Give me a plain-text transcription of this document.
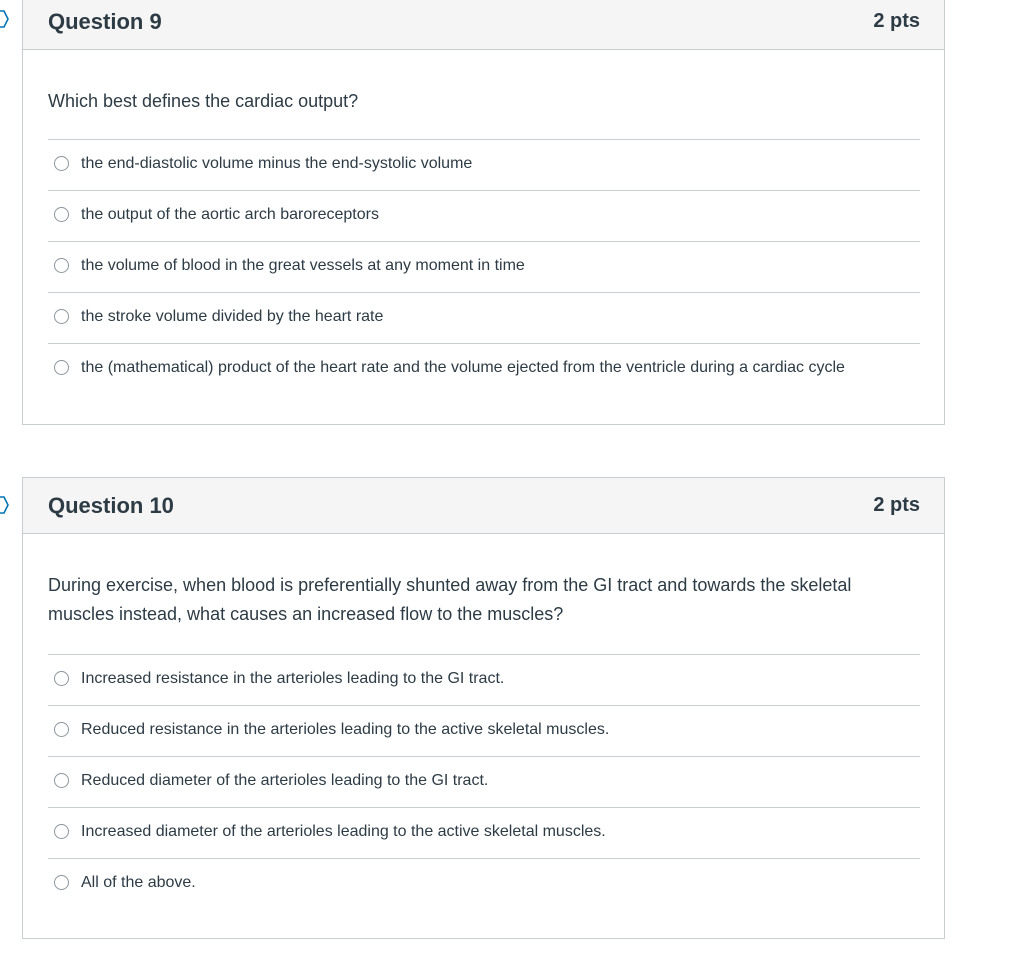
Question 9	2 pts
Which best defines the cardiac output?
the end-diastolic volume minus the end-systolic volume
the output of the aortic arch baroreceptors
the volume of blood in the great vessels at any moment in time
the stroke volume divided by the heart rate
the (mathematical) product of the heart rate and the volume ejected from the ventricle during a cardiac cycle
Question 10	2 pts
During exercise, when blood is preferentially shunted away from the GI tract and towards the skeletal muscles instead, what causes an increased flow to the muscles?
Increased resistance in the arterioles leading to the GI tract.
Reduced resistance in the arterioles leading to the active skeletal muscles.
Reduced diameter of the arterioles leading to the GI tract.
Increased diameter of the arterioles leading to the active skeletal muscles.
All of the above.
